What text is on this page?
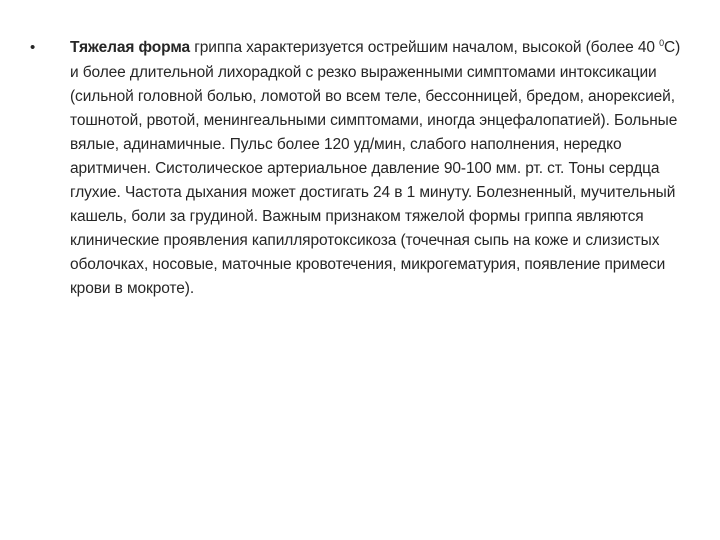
•	Тяжелая форма гриппа характеризуется острейшим началом, высокой (более 40 $^0$С) и более длительной лихорадкой с резко выраженными симптомами интоксикации (сильной головной болью, ломотой во всем теле, бессонницей, бредом, анорексией, тошнотой, рвотой, менингеальными симптомами, иногда энцефалопатией). Больные вялые, адинамичные. Пульс более 120 уд/мин, слабого наполнения, нередко аритмичен. Систолическое артериальное давление 90-100 мм. рт. ст. Тоны сердца глухие. Частота дыхания может достигать 24 в 1 минуту. Болезненный, мучительный кашель, боли за грудиной. Важным признаком тяжелой формы гриппа являются клинические проявления капилляротоксикоза (точечная сыпь на коже и слизистых оболочках, носовые, маточные кровотечения, микрогематурия, появление примеси крови в мокроте).
